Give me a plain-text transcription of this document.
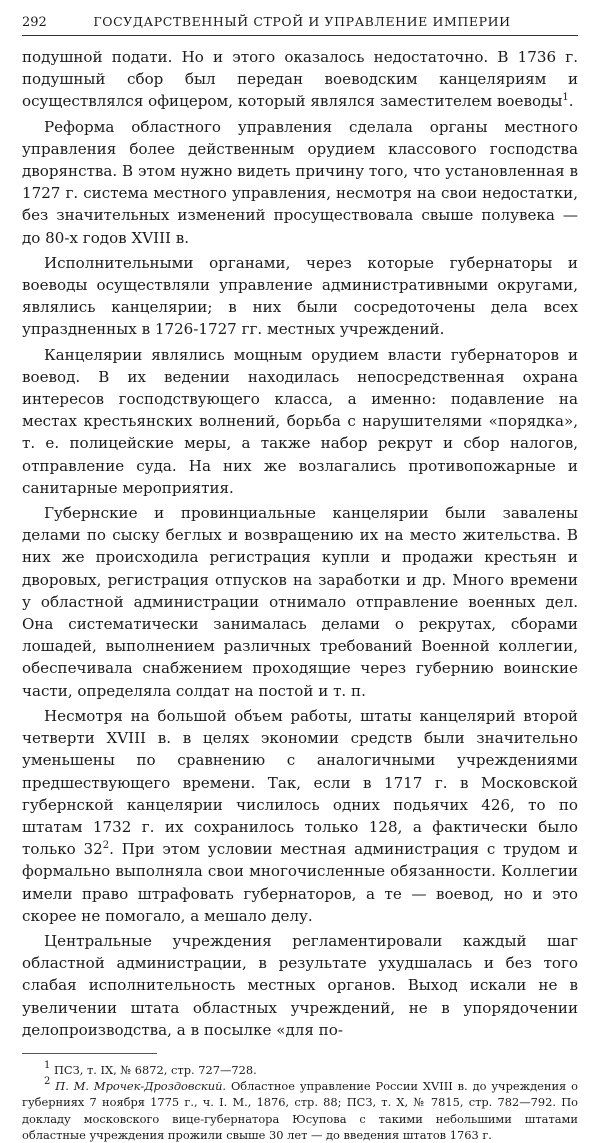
292	ГОСУДАРСТВЕННЫЙ СТРОЙ И УПРАВЛЕНИЕ ИМПЕРИИ

подушной подати. Но и этого оказалось недостаточно. В 1736 г. подушный сбор был передан воеводским канцеляриям и осуществлялся офицером, который являлся заместителем воеводы$^1$.

Реформа областного управления сделала органы местного управления более действенным орудием классового господства дворянства. В этом нужно видеть причину того, что установленная в 1727 г. система местного управления, несмотря на свои недостатки, без значительных изменений просуществовала свыше полувека — до 80-х годов XVIII в.

Исполнительными органами, через которые губернаторы и воеводы осуществляли управление административными округами, являлись канцелярии; в них были сосредоточены дела всех упраздненных в 1726-1727 гг. местных учреждений.

Канцелярии являлись мощным орудием власти губернаторов и воевод. В их ведении находилась непосредственная охрана интересов господствующего класса, а именно: подавление на местах крестьянских волнений, борьба с нарушителями «порядка», т. е. полицейские меры, а также набор рекрут и сбор налогов, отправление суда. На них же возлагались противопожарные и санитарные мероприятия.

Губернские и провинциальные канцелярии были завалены делами по сыску беглых и возвращению их на место жительства. В них же происходила регистрация купли и продажи крестьян и дворовых, регистрация отпусков на заработки и др. Много времени у областной администрации отнимало отправление военных дел. Она систематически занималась делами о рекрутах, сборами лошадей, выполнением различных требований Военной коллегии, обеспечивала снабжением проходящие через губернию воинские части, определяла солдат на постой и т. п.

Несмотря на большой объем работы, штаты канцелярий второй четверти XVIII в. в целях экономии средств были значительно уменьшены по сравнению с аналогичными учреждениями предшествующего времени. Так, если в 1717 г. в Московской губернской канцелярии числилось одних подьячих 426, то по штатам 1732 г. их сохранилось только 128, а фактически было только $32^2$. При этом условии местная администрация с трудом и формально выполняла свои многочисленные обязанности. Коллегии имели право штрафовать губернаторов, а те — воевод, но и это скорее не помогало, а мешало делу.

Центральные учреждения регламентировали каждый шаг областной администрации, в результате ухудшалась и без того слабая исполнительность местных органов. Выход искали не в увеличении штата областных учреждений, не в упорядочении делопроизводства, а в посылке «для по-

$^1$ ПСЗ, т. IX, № 6872, стр. 727—728.

$^2$ П. М. Мрочек-Дроздовский. Областное управление России XVIII в. до учреждения о губерниях 7 ноября 1775 г., ч. I. М., 1876, стр. 88; ПСЗ, т. X, № 7815, стр. 782—792. По докладу московского вице-губернатора Юсупова с такими небольшими штатами областные учреждения прожили свыше 30 лет — до введения штатов 1763 г.
